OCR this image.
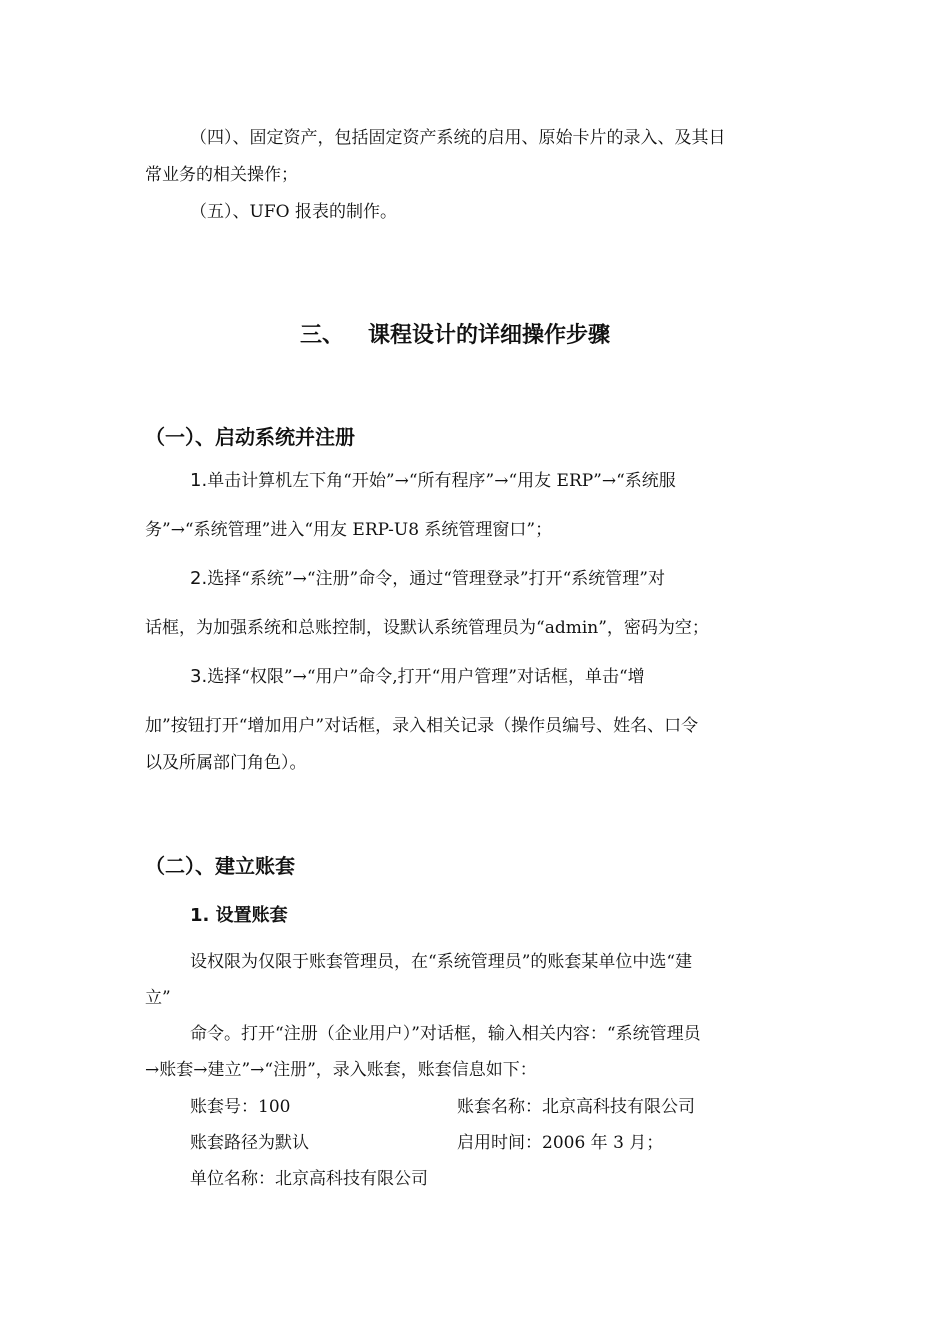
（四）、固定资产，包括固定资产系统的启用、原始卡片的录入、及其日
常业务的相关操作；
（五）、UFO 报表的制作。
三、 课程设计的详细操作步骤
（一）、启动系统并注册
1.单击计算机左下角“开始”→“所有程序”→“用友 ERP”→“系统服
务”→“系统管理”进入“用友 ERP-U8 系统管理窗口”；
2.选择“系统”→“注册”命令，通过“管理登录”打开“系统管理”对
话框，为加强系统和总账控制，设默认系统管理员为“admin”，密码为空；
3.选择“权限”→“用户”命令,打开“用户管理”对话框，单击“增
加”按钮打开“增加用户”对话框，录入相关记录（操作员编号、姓名、口令
以及所属部门角色）。
（二）、建立账套
1. 设置账套
设权限为仅限于账套管理员，在“系统管理员”的账套某单位中选“建
立”
命令。打开“注册（企业用户）”对话框，输入相关内容：“系统管理员
→账套→建立”→“注册”，录入账套，账套信息如下：
账套号：100	账套名称：北京高科技有限公司
账套路径为默认	启用时间：2006 年 3 月；
单位名称：北京高科技有限公司
